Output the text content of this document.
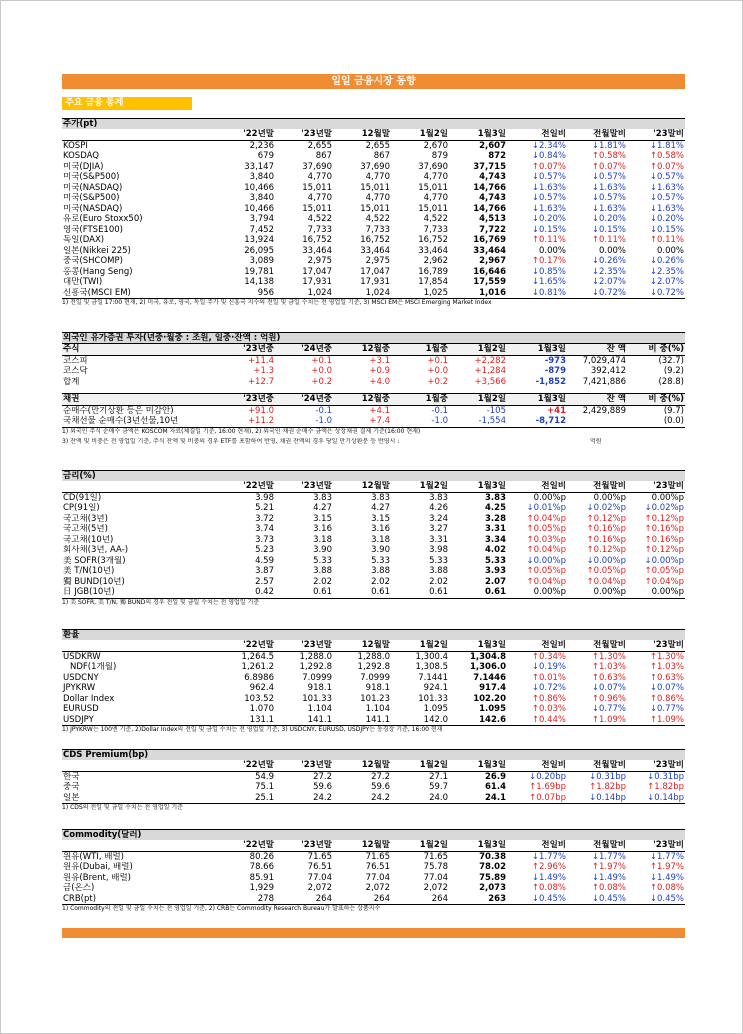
일일 금융시장 동향
주요 금융 통계
주가(pt)
	'22년말	'23년말	12월말	1월2일	1월3일	전일비	전월말비	'23말비
KOSPI	2,236	2,655	2,655	2,670	2,607	↓2.34%	↓1.81%	↓1.81%
KOSDAQ	679	867	867	879	872	↓0.84%	↑0.58%	↑0.58%
미국(DJIA)	33,147	37,690	37,690	37,690	37,715	↑0.07%	↑0.07%	↑0.07%
미국(S&P500)	3,840	4,770	4,770	4,770	4,743	↓0.57%	↓0.57%	↓0.57%
미국(NASDAQ)	10,466	15,011	15,011	15,011	14,766	↓1.63%	↓1.63%	↓1.63%
미국(S&P500)	3,840	4,770	4,770	4,770	4,743	↓0.57%	↓0.57%	↓0.57%
미국(NASDAQ)	10,466	15,011	15,011	15,011	14,766	↓1.63%	↓1.63%	↓1.63%
유로(Euro Stoxx50)	3,794	4,522	4,522	4,522	4,513	↓0.20%	↓0.20%	↓0.20%
영국(FTSE100)	7,452	7,733	7,733	7,733	7,722	↓0.15%	↓0.15%	↓0.15%
독일(DAX)	13,924	16,752	16,752	16,752	16,769	↑0.11%	↑0.11%	↑0.11%
일본(Nikkei 225)	26,095	33,464	33,464	33,464	33,464	0.00%	0.00%	0.00%
중국(SHCOMP)	3,089	2,975	2,975	2,962	2,967	↑0.17%	↓0.26%	↓0.26%
홍콩(Hang Seng)	19,781	17,047	17,047	16,789	16,646	↓0.85%	↓2.35%	↓2.35%
대만(TWI)	14,138	17,931	17,931	17,854	17,559	↓1.65%	↓2.07%	↓2.07%
신흥국(MSCI EM)	956	1,024	1,024	1,025	1,016	↓0.81%	↓0.72%	↓0.72%
1) 전일 및 금일 17:00 현재, 2) 미국, 유로, 영국, 독일 주가 및 신흥국 지수의 전일 및 금일 수치는 전 영업일 기준, 3) MSCI EM은 MSCI Emerging Market Index
외국인 유가증권 투자(년중·월중 : 조원, 일중·잔액 : 억원)
주식	'23년중	'24년중	12월중	1월중	1월2일	1월3일	잔 액	비 중(%)
코스피	+11.4	+0.1	+3.1	+0.1	+2,282	-973	7,029,474	(32.7)
코스닥	+1.3	+0.0	+0.9	+0.0	+1,284	-879	392,412	(9.2)
합계	+12.7	+0.2	+4.0	+0.2	+3,566	-1,852	7,421,886	(28.8)
채권	'23년중	'24년중	12월중	1월중	1월2일	1월3일	잔 액	비 중(%)
순매수(만기상환 등은 미감안)	+91.0	-0.1	+4.1	-0.1	-105	+41	2,429,889	(9.7)
국채선물 순매수(3년선물,10년	+11.2	-1.0	+7.4	-1.0	-1,554	-8,712		(0.0)
1) 외국인 주식 순매수 금액은 KOSCOM 자료(체결일 기준, 16:00 현재), 2) 외국인 채권 순매수 금액은 상장채권 결제 기준(16:00 현재)
3) 잔액 및 비중은 전 영업일 기준, 주식 잔액 및 비중의 경우 ETF를 포함하여 반영, 채권 잔액의 경우 당일 만기상환분 등 반영시 :	억원
금리(%)
	'22년말	'23년말	12월말	1월2일	1월3일	전일비	전월말비	'23말비
CD(91일)	3.98	3.83	3.83	3.83	3.83	0.00%p	0.00%p	0.00%p
CP(91일)	5.21	4.27	4.27	4.26	4.25	↓0.01%p	↓0.02%p	↓0.02%p
국고채(3년)	3.72	3.15	3.15	3.24	3.28	↑0.04%p	↑0.12%p	↑0.12%p
국고채(5년)	3.74	3.16	3.16	3.27	3.31	↑0.05%p	↑0.16%p	↑0.16%p
국고채(10년)	3.73	3.18	3.18	3.31	3.34	↑0.03%p	↑0.16%p	↑0.16%p
회사채(3년, AA-)	5.23	3.90	3.90	3.98	4.02	↑0.04%p	↑0.12%p	↑0.12%p
美 SOFR(3개월)	4.59	5.33	5.33	5.33	5.33	↓0.00%p	↓0.00%p	↓0.00%p
美 T/N(10년)	3.87	3.88	3.88	3.88	3.93	↑0.05%p	↑0.05%p	↑0.05%p
獨 BUND(10년)	2.57	2.02	2.02	2.02	2.07	↑0.04%p	↑0.04%p	↑0.04%p
日 JGB(10년)	0.42	0.61	0.61	0.61	0.61	0.00%p	0.00%p	0.00%p
1) 美 SOFR, 美 T/N, 獨 BUND의 경우 전일 및 금일 수치는 전 영업일 기준
환율
	'22년말	'23년말	12월말	1월2일	1월3일	전일비	전월말비	'23말비
USDKRW	1,264.5	1,288.0	1,288.0	1,300.4	1,304.8	↑0.34%	↑1.30%	↑1.30%
NDF(1개월)	1,261.2	1,292.8	1,292.8	1,308.5	1,306.0	↓0.19%	↑1.03%	↑1.03%
USDCNY	6.8986	7.0999	7.0999	7.1441	7.1446	↑0.01%	↑0.63%	↑0.63%
JPYKRW	962.4	918.1	918.1	924.1	917.4	↓0.72%	↓0.07%	↓0.07%
Dollar Index	103.52	101.33	101.23	101.33	102.20	↑0.86%	↑0.96%	↑0.86%
EURUSD	1.070	1.104	1.104	1.095	1.095	↑0.03%	↓0.77%	↓0.77%
USDJPY	131.1	141.1	141.1	142.0	142.6	↑0.44%	↑1.09%	↑1.09%
1) JPYKRW는 100엔 기준, 2)Dollar Index의 전일 및 금일 수치는 전 영업일 기준, 3) USDCNY, EURUSD, USDJPY는 동경장 기준, 16:00 현재
CDS Premium(bp)
	'22년말	'23년말	12월말	1월2일	1월3일	전일비	전월말비	'23말비
한국	54.9	27.2	27.2	27.1	26.9	↓0.20bp	↓0.31bp	↓0.31bp
중국	75.1	59.6	59.6	59.7	61.4	↑1.69bp	↑1.82bp	↑1.82bp
일본	25.1	24.2	24.2	24.0	24.1	↑0.07bp	↓0.14bp	↓0.14bp
1) CDS의 전일 및 금일 수치는 전 영업일 기준
Commodity(달러)
	'22년말	'23년말	12월말	1월2일	1월3일	전일비	전월말비	'23말비
원유(WTI, 배럴)	80.26	71.65	71.65	71.65	70.38	↓1.77%	↓1.77%	↓1.77%
원유(Dubai, 배럴)	78.66	76.51	76.51	75.78	78.02	↑2.96%	↑1.97%	↑1.97%
원유(Brent, 배럴)	85.91	77.04	77.04	77.04	75.89	↓1.49%	↓1.49%	↓1.49%
금(온스)	1,929	2,072	2,072	2,072	2,073	↑0.08%	↑0.08%	↑0.08%
CRB(pt)	278	264	264	264	263	↓0.45%	↓0.45%	↓0.45%
1) Commodity의 전일 및 금일 수치는 전 영업일 기준, 2) CRB는 Commodity Research Bureau가 발표하는 상품지수
